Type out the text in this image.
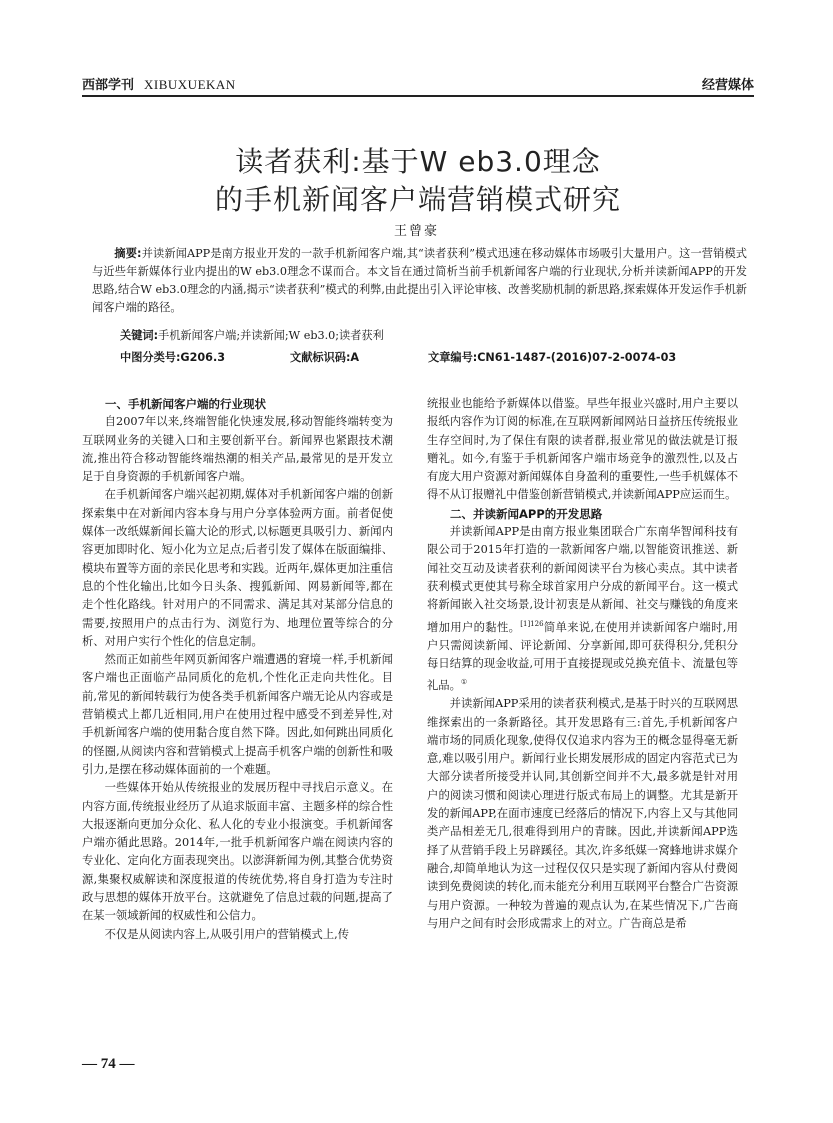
西部学刊 XIBUXUEKAN	经营媒体
读者获利:基于W eb3.0理念
的手机新闻客户端营销模式研究
王曾豪

摘要:并读新闻APP是南方报业开发的一款手机新闻客户端,其“读者获利”模式迅速在移动媒体市场吸引大量用户。这一营销模式与近些年新媒体行业内提出的W eb3.0理念不谋而合。本文旨在通过简析当前手机新闻客户端的行业现状,分析并读新闻APP的开发思路,结合W eb3.0理念的内涵,揭示“读者获利”模式的利弊,由此提出引入评论审核、改善奖励机制的新思路,探索媒体开发运作手机新闻客户端的路径。

关键词:手机新闻客户端;并读新闻;W eb3.0;读者获利
中图分类号:G206.3	文献标识码:A	文章编号:CN61-1487-(2016)07-2-0074-03
一、手机新闻客户端的行业现状

自2007年以来,终端智能化快速发展,移动智能终端转变为互联网业务的关键入口和主要创新平台。新闻界也紧跟技术潮流,推出符合移动智能终端热潮的相关产品,最常见的是开发立足于自身资源的手机新闻客户端。

在手机新闻客户端兴起初期,媒体对手机新闻客户端的创新探索集中在对新闻内容本身与用户分享体验两方面。前者促使媒体一改纸媒新闻长篇大论的形式,以标题更具吸引力、新闻内容更加即时化、短小化为立足点;后者引发了媒体在版面编排、模块布置等方面的亲民化思考和实践。近两年,媒体更加注重信息的个性化输出,比如今日头条、搜狐新闻、网易新闻等,都在走个性化路线。针对用户的不同需求、满足其对某部分信息的需要,按照用户的点击行为、浏览行为、地理位置等综合的分析、对用户实行个性化的信息定制。

然而正如前些年网页新闻客户端遭遇的窘境一样,手机新闻客户端也正面临产品同质化的危机,个性化正走向共性化。目前,常见的新闻转载行为使各类手机新闻客户端无论从内容或是营销模式上都几近相同,用户在使用过程中感受不到差异性,对手机新闻客户端的使用黏合度自然下降。因此,如何跳出同质化的怪圈,从阅读内容和营销模式上提高手机客户端的创新性和吸引力,是摆在移动媒体面前的一个难题。

一些媒体开始从传统报业的发展历程中寻找启示意义。在内容方面,传统报业经历了从追求版面丰富、主题多样的综合性大报逐渐向更加分众化、私人化的专业小报演变。手机新闻客户端亦循此思路。2014年,一批手机新闻客户端在阅读内容的专业化、定向化方面表现突出。以澎湃新闻为例,其整合优势资源,集聚权威解读和深度报道的传统优势,将自身打造为专注时政与思想的媒体开放平台。这就避免了信息过载的问题,提高了在某一领域新闻的权威性和公信力。

不仅是从阅读内容上,从吸引用户的营销模式上,传

统报业也能给予新媒体以借鉴。早些年报业兴盛时,用户主要以报纸内容作为订阅的标准,在互联网新闻网站日益挤压传统报业生存空间时,为了保住有限的读者群,报业常见的做法就是订报赠礼。如今,有鉴于手机新闻客户端市场竞争的激烈性,以及占有庞大用户资源对新闻媒体自身盈利的重要性,一些手机媒体不得不从订报赠礼中借鉴创新营销模式,并读新闻APP应运而生。

二、并读新闻APP的开发思路

并读新闻APP是由南方报业集团联合广东南华智闻科技有限公司于2015年打造的一款新闻客户端,以智能资讯推送、新闻社交互动及读者获利的新闻阅读平台为核心卖点。其中读者获利模式更使其号称全球首家用户分成的新闻平台。这一模式将新闻嵌入社交场景,设计初衷是从新闻、社交与赚钱的角度来增加用户的黏性。$^{[1]126}$简单来说,在使用并读新闻客户端时,用户只需阅读新闻、评论新闻、分享新闻,即可获得积分,凭积分每日结算的现金收益,可用于直接提现或兑换充值卡、流量包等礼品。①

并读新闻APP采用的读者获利模式,是基于时兴的互联网思维探索出的一条新路径。其开发思路有三:首先,手机新闻客户端市场的同质化现象,使得仅仅追求内容为王的概念显得毫无新意,难以吸引用户。新闻行业长期发展形成的固定内容范式已为大部分读者所接受并认同,其创新空间并不大,最多就是针对用户的阅读习惯和阅读心理进行版式布局上的调整。尤其是新开发的新闻APP,在面市速度已经落后的情况下,内容上又与其他同类产品相差无几,很难得到用户的青睐。因此,并读新闻APP选择了从营销手段上另辟蹊径。其次,许多纸媒一窝蜂地讲求媒介融合,却简单地认为这一过程仅仅只是实现了新闻内容从付费阅读到免费阅读的转化,而未能充分利用互联网平台整合广告资源与用户资源。一种较为普遍的观点认为,在某些情况下,广告商与用户之间有时会形成需求上的对立。广告商总是希

— 74 —
